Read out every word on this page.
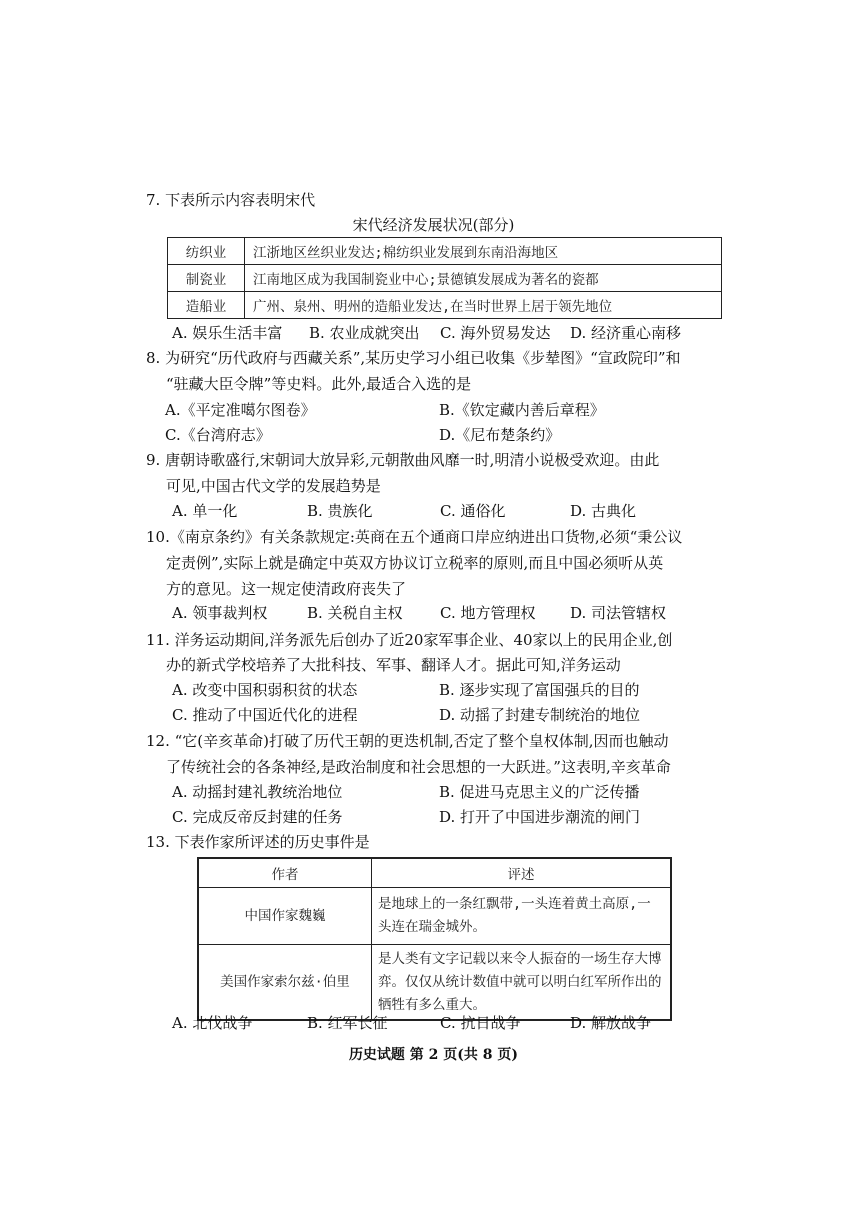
7. 下表所示内容表明宋代
宋代经济发展状况(部分)
纺织业	江浙地区丝织业发达;棉纺织业发展到东南沿海地区
制瓷业	江南地区成为我国制瓷业中心;景德镇发展成为著名的瓷都
造船业	广州、泉州、明州的造船业发达,在当时世界上居于领先地位
A. 娱乐生活丰富 B. 农业成就突出 C. 海外贸易发达 D. 经济重心南移
8. 为研究“历代政府与西藏关系”,某历史学习小组已收集《步辇图》“宣政院印”和
“驻藏大臣令牌”等史料。此外,最适合入选的是
A.《平定准噶尔图卷》	B.《钦定藏内善后章程》
C.《台湾府志》	D.《尼布楚条约》
9. 唐朝诗歌盛行,宋朝词大放异彩,元朝散曲风靡一时,明清小说极受欢迎。由此
可见,中国古代文学的发展趋势是
A. 单一化	B. 贵族化	C. 通俗化	D. 古典化
10.《南京条约》有关条款规定:英商在五个通商口岸应纳进出口货物,必须“秉公议
定责例”,实际上就是确定中英双方协议订立税率的原则,而且中国必须听从英
方的意见。这一规定使清政府丧失了
A. 领事裁判权	B. 关税自主权 C. 地方管理权 D. 司法管辖权
11. 洋务运动期间,洋务派先后创办了近20家军事企业、40家以上的民用企业,创
办的新式学校培养了大批科技、军事、翻译人才。据此可知,洋务运动
A. 改变中国积弱积贫的状态	B. 逐步实现了富国强兵的目的
C. 推动了中国近代化的进程	D. 动摇了封建专制统治的地位
12. “它(辛亥革命)打破了历代王朝的更迭机制,否定了整个皇权体制,因而也触动
了传统社会的各条神经,是政治制度和社会思想的一大跃进。”这表明,辛亥革命
A. 动摇封建礼教统治地位	B. 促进马克思主义的广泛传播
C. 完成反帝反封建的任务	D. 打开了中国进步潮流的闸门
13. 下表作家所评述的历史事件是
作者	评述
中国作家魏巍	是地球上的一条红飘带,一头连着黄土高原,一头连在瑞金城外。
美国作家索尔兹·伯里	是人类有文字记载以来令人振奋的一场生存大博弈。仅仅从统计数值中就可以明白红军所作出的牺牲有多么重大。
A. 北伐战争	B. 红军长征	C. 抗日战争	D. 解放战争
历史试题 第 2 页(共 8 页)
